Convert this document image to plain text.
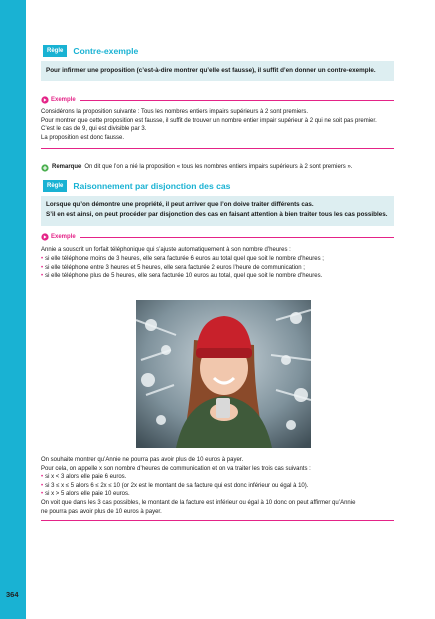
364
Règle	Contre-exemple
Pour infirmer une proposition (c’est-à-dire montrer qu’elle est fausse), il suffit d’en donner un contre-exemple.
Exemple

Considérons la proposition suivante : Tous les nombres entiers impairs supérieurs à 2 sont premiers.

Pour montrer que cette proposition est fausse, il suffit de trouver un nombre entier impair supérieur à 2 qui ne soit pas premier.

C’est le cas de 9, qui est divisible par 3.

La proposition est donc fausse.

Remarque On dit que l’on a nié la proposition « tous les nombres entiers impairs supérieurs à 2 sont premiers ».
Règle	Raisonnement par disjonction des cas
Lorsque qu’on démontre une propriété, il peut arriver que l’on doive traiter différents cas.
S’il en est ainsi, on peut procéder par disjonction des cas en faisant attention à bien traiter tous les cas possibles.
Exemple

Annie a souscrit un forfait téléphonique qui s’ajuste automatiquement à son nombre d’heures :

• si elle téléphone moins de 3 heures, elle sera facturée 6 euros au total quel que soit le nombre d’heures ;

• si elle téléphone entre 3 heures et 5 heures, elle sera facturée 2 euros l’heure de communication ;

• si elle téléphone plus de 5 heures, elle sera facturée 10 euros au total, quel que soit le nombre d’heures.

On souhaite montrer qu’Annie ne pourra pas avoir plus de 10 euros à payer.

Pour cela, on appelle x son nombre d’heures de communication et on va traiter les trois cas suivants :

• si x < 3 alors elle paie 6 euros.

• si 3 ≤ x ≤ 5 alors 6 ≤ 2x ≤ 10 (or 2x est le montant de sa facture qui est donc inférieur ou égal à 10).

• si x > 5 alors elle paie 10 euros.

On voit que dans les 3 cas possibles, le montant de la facture est inférieur ou égal à 10 donc on peut affirmer qu’Annie

ne pourra pas avoir plus de 10 euros à payer.
